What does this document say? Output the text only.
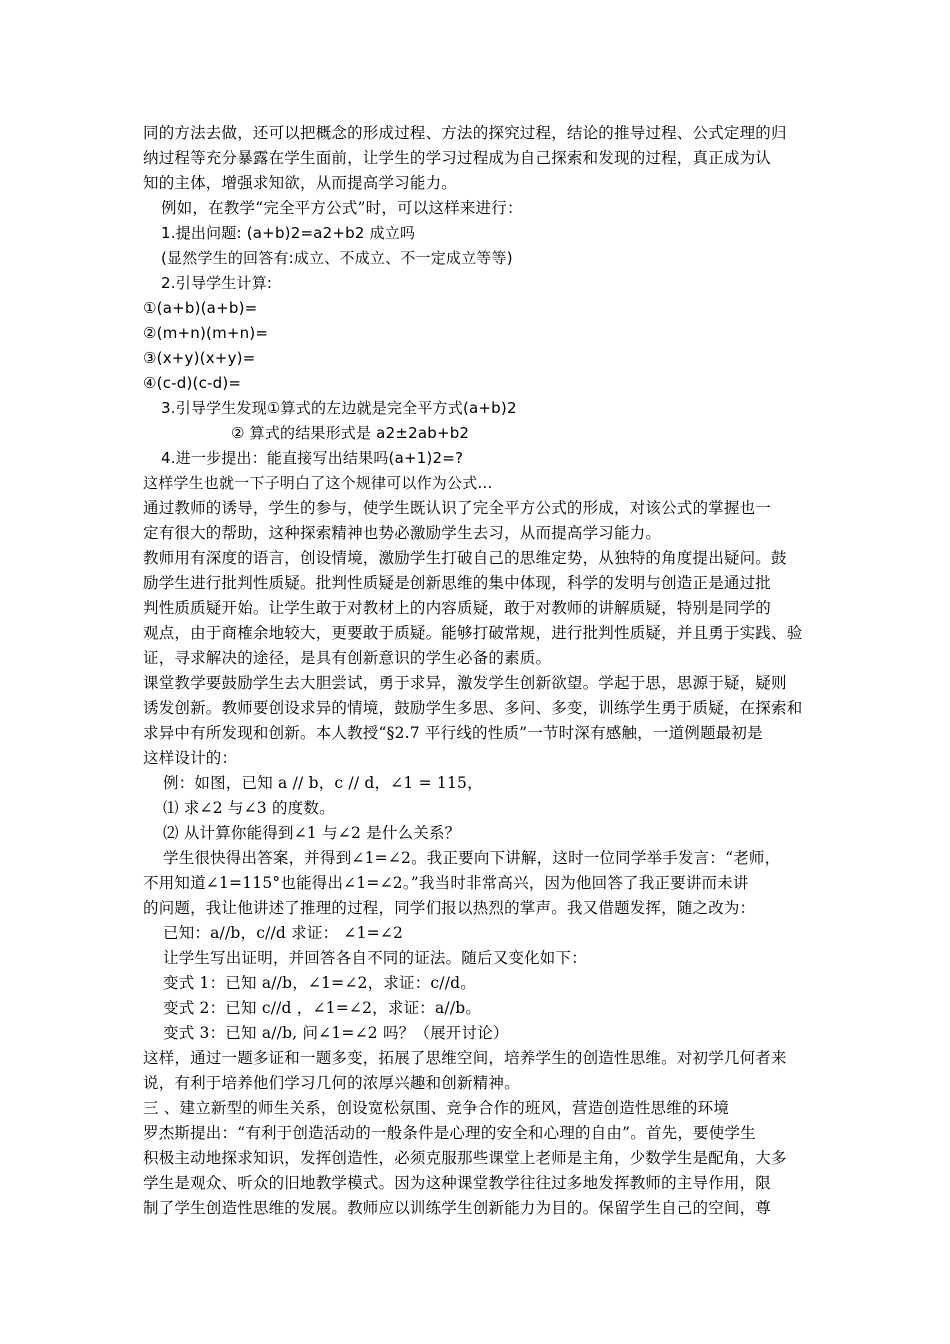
同的方法去做，还可以把概念的形成过程、方法的探究过程，结论的推导过程、公式定理的归
纳过程等充分暴露在学生面前，让学生的学习过程成为自己探索和发现的过程，真正成为认
知的主体，增强求知欲，从而提高学习能力。
例如，在教学“完全平方公式”时，可以这样来进行：
1.提出问题: (a+b)2=a2+b2 成立吗
(显然学生的回答有:成立、不成立、不一定成立等等)
2.引导学生计算:
①(a+b)(a+b)=
②(m+n)(m+n)=
③(x+y)(x+y)=
④(c-d)(c-d)=
3.引导学生发现①算式的左边就是完全平方式(a+b)2
② 算式的结果形式是 a2±2ab+b2
4.进一步提出：能直接写出结果吗(a+1)2=?
这样学生也就一下子明白了这个规律可以作为公式…
通过教师的诱导，学生的参与，使学生既认识了完全平方公式的形成，对该公式的掌握也一
定有很大的帮助，这种探索精神也势必激励学生去习，从而提高学习能力。
教师用有深度的语言，创设情境，激励学生打破自己的思维定势，从独特的角度提出疑问。鼓
励学生进行批判性质疑。批判性质疑是创新思维的集中体现，科学的发明与创造正是通过批
判性质质疑开始。让学生敢于对教材上的内容质疑，敢于对教师的讲解质疑，特别是同学的
观点，由于商榷余地较大，更要敢于质疑。能够打破常规，进行批判性质疑，并且勇于实践、验
证，寻求解决的途径，是具有创新意识的学生必备的素质。
课堂教学要鼓励学生去大胆尝试，勇于求异，激发学生创新欲望。学起于思，思源于疑，疑则
诱发创新。教师要创设求异的情境，鼓励学生多思、多问、多变，训练学生勇于质疑，在探索和
求异中有所发现和创新。本人教授“§2.7 平行线的性质”一节时深有感触，一道例题最初是
这样设计的：
例：如图，已知 a // b，c // d，∠1 = 115，
⑴ 求∠2 与∠3 的度数。
⑵ 从计算你能得到∠1 与∠2 是什么关系？
学生很快得出答案，并得到∠1=∠2。我正要向下讲解，这时一位同学举手发言：“老师，
不用知道∠1=115°也能得出∠1=∠2。”我当时非常高兴，因为他回答了我正要讲而未讲
的问题，我让他讲述了推理的过程，同学们报以热烈的掌声。我又借题发挥，随之改为：
已知：a//b，c//d 求证： ∠1=∠2
让学生写出证明，并回答各自不同的证法。随后又变化如下：
变式 1：已知 a//b，∠1=∠2，求证：c//d。
变式 2：已知 c//d ，∠1=∠2，求证：a//b。
变式 3：已知 a//b, 问∠1=∠2 吗？（展开讨论）
这样，通过一题多证和一题多变，拓展了思维空间，培养学生的创造性思维。对初学几何者来
说，有利于培养他们学习几何的浓厚兴趣和创新精神。
三 、建立新型的师生关系，创设宽松氛围、竞争合作的班风，营造创造性思维的环境
罗杰斯提出：“有利于创造活动的一般条件是心理的安全和心理的自由”。首先，要使学生
积极主动地探求知识，发挥创造性，必须克服那些课堂上老师是主角，少数学生是配角，大多
学生是观众、听众的旧地教学模式。因为这种课堂教学往往过多地发挥教师的主导作用，限
制了学生创造性思维的发展。教师应以训练学生创新能力为目的。保留学生自己的空间，尊
